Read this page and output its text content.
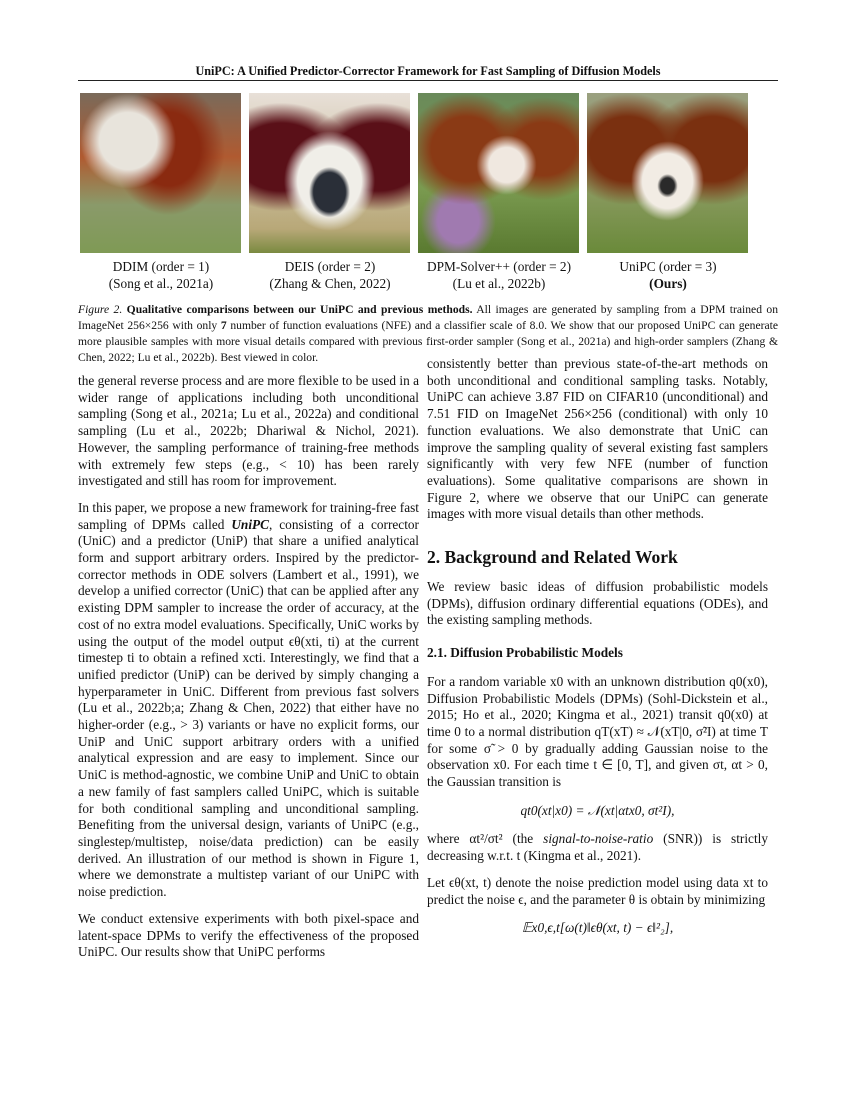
UniPC: A Unified Predictor-Corrector Framework for Fast Sampling of Diffusion Models
DDIM (order = 1)
(Song et al., 2021a)
DEIS (order = 2)
(Zhang & Chen, 2022)
DPM-Solver++ (order = 2)
(Lu et al., 2022b)
UniPC (order = 3)
(Ours)
Figure 2. Qualitative comparisons between our UniPC and previous methods. All images are generated by sampling from a DPM trained on ImageNet 256×256 with only 7 number of function evaluations (NFE) and a classifier scale of 8.0. We show that our proposed UniPC can generate more plausible samples with more visual details compared with previous first-order sampler (Song et al., 2021a) and high-order samplers (Zhang & Chen, 2022; Lu et al., 2022b). Best viewed in color.

the general reverse process and are more flexible to be used in a wider range of applications including both unconditional sampling (Song et al., 2021a; Lu et al., 2022a) and conditional sampling (Lu et al., 2022b; Dhariwal & Nichol, 2021). However, the sampling performance of training-free methods with extremely few steps (e.g., < 10) has been rarely investigated and still has room for improvement.

In this paper, we propose a new framework for training-free fast sampling of DPMs called UniPC, consisting of a corrector (UniC) and a predictor (UniP) that share a unified analytical form and support arbitrary orders. Inspired by the predictor-corrector methods in ODE solvers (Lambert et al., 1991), we develop a unified corrector (UniC) that can be applied after any existing DPM sampler to increase the order of accuracy, at the cost of no extra model evaluations. Specifically, UniC works by using the output of the model output ϵθ(xti, ti) at the current timestep ti to obtain a refined xcti. Interestingly, we find that a unified predictor (UniP) can be derived by simply changing a hyperparameter in UniC. Different from previous fast solvers (Lu et al., 2022b;a; Zhang & Chen, 2022) that either have no higher-order (e.g., > 3) variants or have no explicit forms, our UniP and UniC support arbitrary orders with a unified analytical expression and are easy to implement. Since our UniC is method-agnostic, we combine UniP and UniC to obtain a new family of fast samplers called UniPC, which is suitable for both conditional sampling and unconditional sampling. Benefiting from the universal design, variants of UniPC (e.g., singlestep/multistep, noise/data prediction) can be easily derived. An illustration of our method is shown in Figure 1, where we demonstrate a multistep variant of our UniPC with noise prediction.

We conduct extensive experiments with both pixel-space and latent-space DPMs to verify the effectiveness of the proposed UniPC. Our results show that UniPC performs

consistently better than previous state-of-the-art methods on both unconditional and conditional sampling tasks. Notably, UniPC can achieve 3.87 FID on CIFAR10 (unconditional) and 7.51 FID on ImageNet 256×256 (conditional) with only 10 function evaluations. We also demonstrate that UniC can improve the sampling quality of several existing fast samplers significantly with very few NFE (number of function evaluations). Some qualitative comparisons are shown in Figure 2, where we observe that our UniPC can generate images with more visual details than other methods.

2. Background and Related Work

We review basic ideas of diffusion probabilistic models (DPMs), diffusion ordinary differential equations (ODEs), and the existing sampling methods.

2.1. Diffusion Probabilistic Models

For a random variable x0 with an unknown distribution q0(x0), Diffusion Probabilistic Models (DPMs) (Sohl-Dickstein et al., 2015; Ho et al., 2020; Kingma et al., 2021) transit q0(x0) at time 0 to a normal distribution qT(xT) ≈ 𝒩(xT|0, σ̃²I) at time T for some σ̃ > 0 by gradually adding Gaussian noise to the observation x0. For each time t ∈ [0, T], and given σt, αt > 0, the Gaussian transition is

qt0(xt|x0) = 𝒩(xt|αtx0, σt²I),

where αt²/σt² (the signal-to-noise-ratio (SNR)) is strictly decreasing w.r.t. t (Kingma et al., 2021).

Let ϵθ(xt, t) denote the noise prediction model using data xt to predict the noise ϵ, and the parameter θ is obtain by minimizing

𝔼x0,ϵ,t[ω(t)‖ϵθ(xt, t) − ϵ‖²₂],
